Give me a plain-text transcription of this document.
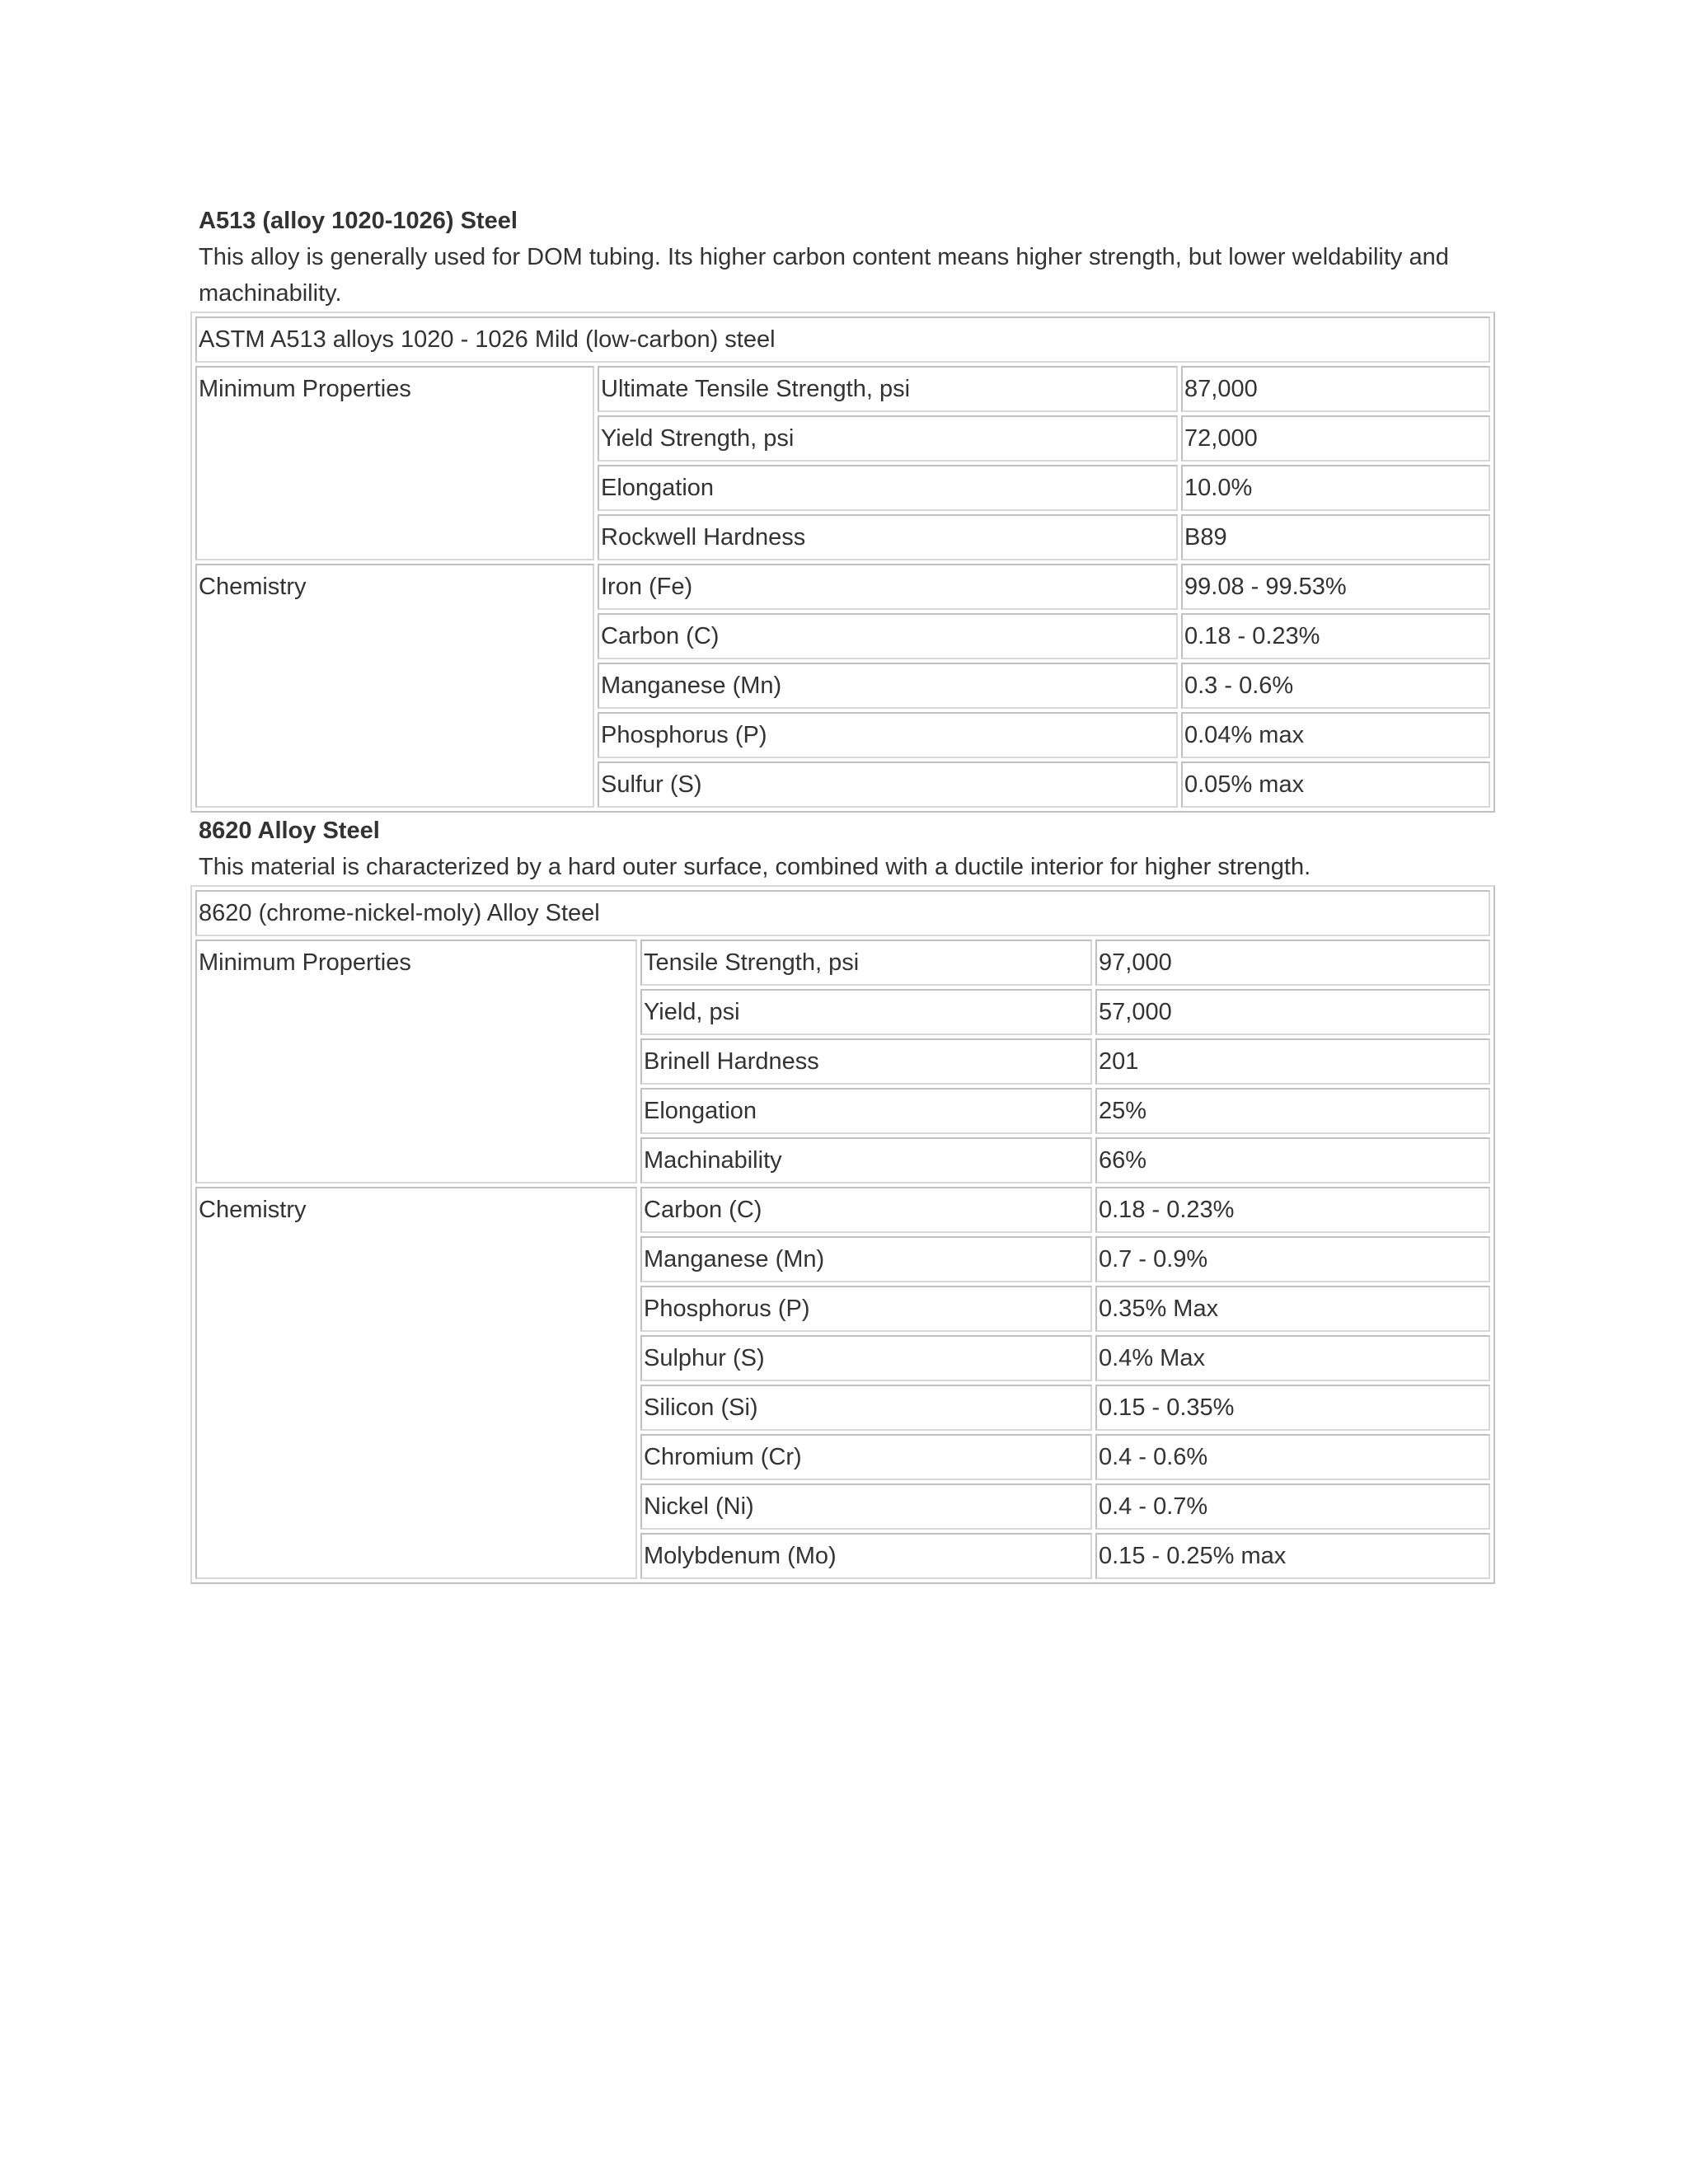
A513 (alloy 1020-1026) Steel

This alloy is generally used for DOM tubing. Its higher carbon content means higher strength, but lower weldability and machinability.

ASTM A513 alloys 1020 - 1026 Mild (low-carbon) steel		
Minimum Properties	Ultimate Tensile Strength, psi	87,000
	Yield Strength, psi	72,000
	Elongation	10.0%
	Rockwell Hardness	B89
Chemistry	Iron (Fe)	99.08 - 99.53%
	Carbon (C)	0.18 - 0.23%
	Manganese (Mn)	0.3 - 0.6%
	Phosphorus (P)	0.04% max
	Sulfur (S)	0.05% max
8620 Alloy Steel

This material is characterized by a hard outer surface, combined with a ductile interior for higher strength.

8620 (chrome-nickel-moly) Alloy Steel		
Minimum Properties	Tensile Strength, psi	97,000
	Yield, psi	57,000
	Brinell Hardness	201
	Elongation	25%
	Machinability	66%
Chemistry	Carbon (C)	0.18 - 0.23%
	Manganese (Mn)	0.7 - 0.9%
	Phosphorus (P)	0.35% Max
	Sulphur (S)	0.4% Max
	Silicon (Si)	0.15 - 0.35%
	Chromium (Cr)	0.4 - 0.6%
	Nickel (Ni)	0.4 - 0.7%
	Molybdenum (Mo)	0.15 - 0.25% max
